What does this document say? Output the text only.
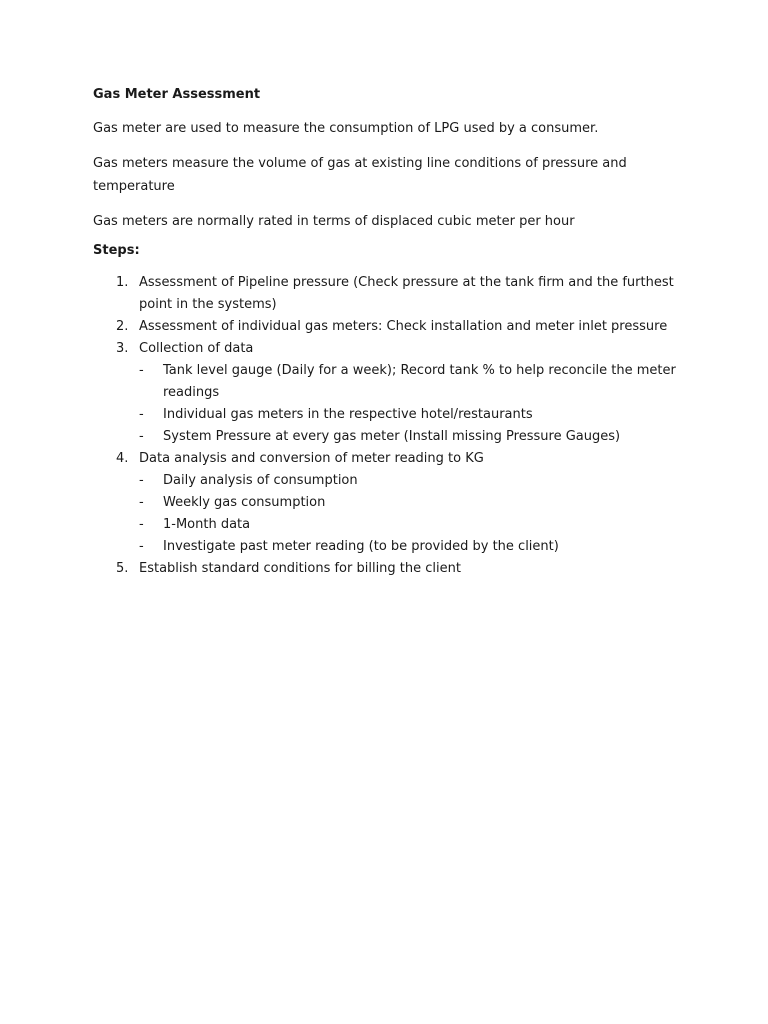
Gas Meter Assessment

Gas meter are used to measure the consumption of LPG used by a consumer.

Gas meters measure the volume of gas at existing line conditions of pressure and temperature

Gas meters are normally rated in terms of displaced cubic meter per hour

Steps:

1. Assessment of Pipeline pressure (Check pressure at the tank firm and the furthest point in the systems)
2. Assessment of individual gas meters: Check installation and meter inlet pressure
3. Collection of data
- Tank level gauge (Daily for a week); Record tank % to help reconcile the meter readings
- Individual gas meters in the respective hotel/restaurants
- System Pressure at every gas meter (Install missing Pressure Gauges)
4. Data analysis and conversion of meter reading to KG
- Daily analysis of consumption
- Weekly gas consumption
- 1-Month data
- Investigate past meter reading (to be provided by the client)
5. Establish standard conditions for billing the client
